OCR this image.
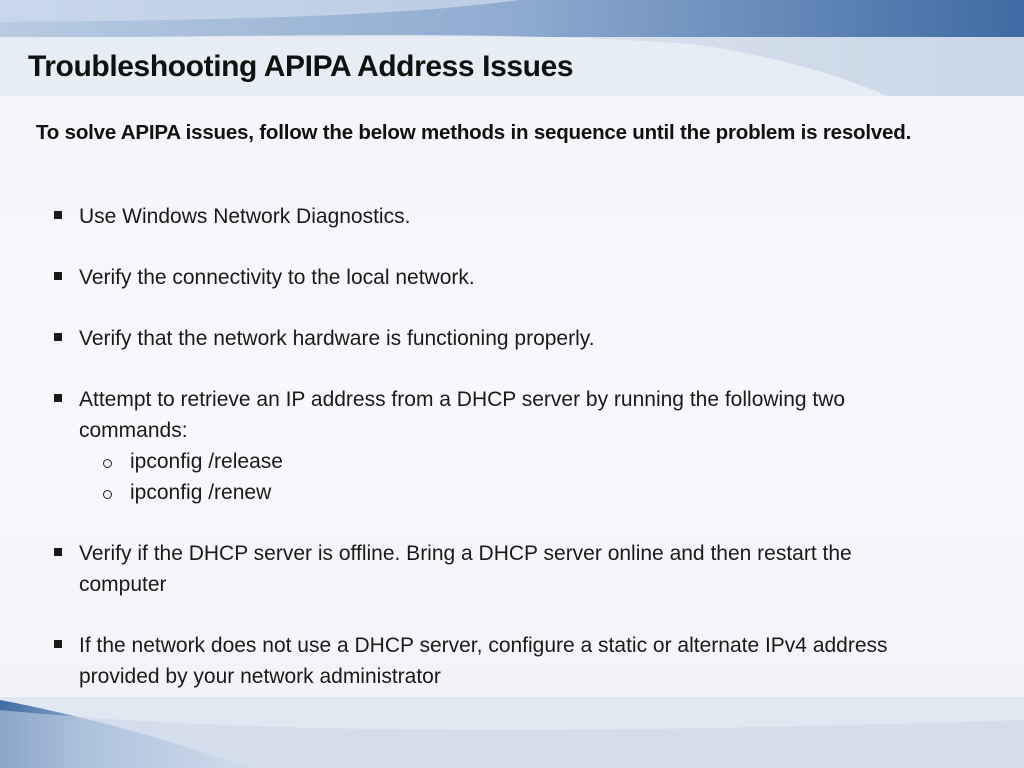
Troubleshooting APIPA Address Issues

To solve APIPA issues, follow the below methods in sequence until the problem is resolved.

Use Windows Network Diagnostics.
Verify the connectivity to the local network.
Verify that the network hardware is functioning properly.
Attempt to retrieve an IP address from a DHCP server by running the following two commands:
ipconfig /release
ipconfig /renew
Verify if the DHCP server is offline. Bring a DHCP server online and then restart the computer
If the network does not use a DHCP server, configure a static or alternate IPv4 address provided by your network administrator
